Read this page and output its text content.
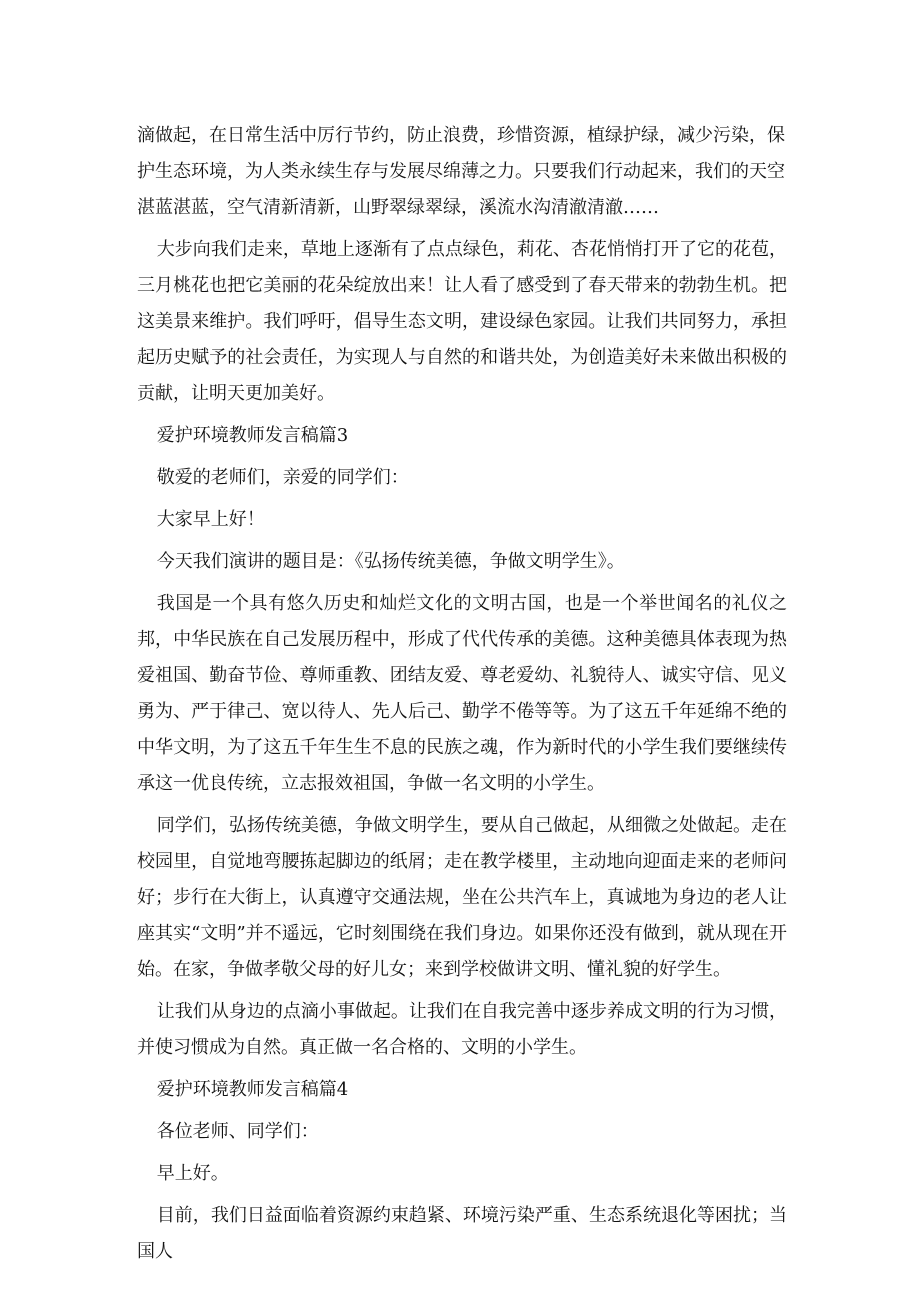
滴做起，在日常生活中厉行节约，防止浪费，珍惜资源，植绿护绿，减少污染，保护生态环境，为人类永续生存与发展尽绵薄之力。只要我们行动起来，我们的天空湛蓝湛蓝，空气清新清新，山野翠绿翠绿，溪流水沟清澈清澈……

大步向我们走来，草地上逐渐有了点点绿色，莉花、杏花悄悄打开了它的花苞，三月桃花也把它美丽的花朵绽放出来！让人看了感受到了春天带来的勃勃生机。把这美景来维护。我们呼吁，倡导生态文明，建设绿色家园。让我们共同努力，承担起历史赋予的社会责任，为实现人与自然的和谐共处，为创造美好未来做出积极的贡献，让明天更加美好。

爱护环境教师发言稿篇3

敬爱的老师们，亲爱的同学们：

大家早上好！

今天我们演讲的题目是：《弘扬传统美德，争做文明学生》。

我国是一个具有悠久历史和灿烂文化的文明古国，也是一个举世闻名的礼仪之邦，中华民族在自己发展历程中，形成了代代传承的美德。这种美德具体表现为热爱祖国、勤奋节俭、尊师重教、团结友爱、尊老爱幼、礼貌待人、诚实守信、见义勇为、严于律己、宽以待人、先人后己、勤学不倦等等。为了这五千年延绵不绝的中华文明，为了这五千年生生不息的民族之魂，作为新时代的小学生我们要继续传承这一优良传统，立志报效祖国，争做一名文明的小学生。

同学们，弘扬传统美德，争做文明学生，要从自己做起，从细微之处做起。走在校园里，自觉地弯腰拣起脚边的纸屑；走在教学楼里，主动地向迎面走来的老师问好；步行在大街上，认真遵守交通法规，坐在公共汽车上，真诚地为身边的老人让座其实“文明”并不遥远，它时刻围绕在我们身边。如果你还没有做到，就从现在开始。在家，争做孝敬父母的好儿女；来到学校做讲文明、懂礼貌的好学生。

让我们从身边的点滴小事做起。让我们在自我完善中逐步养成文明的行为习惯，并使习惯成为自然。真正做一名合格的、文明的小学生。

爱护环境教师发言稿篇4

各位老师、同学们：

早上好。

目前，我们日益面临着资源约束趋紧、环境污染严重、生态系统退化等困扰；当国人
